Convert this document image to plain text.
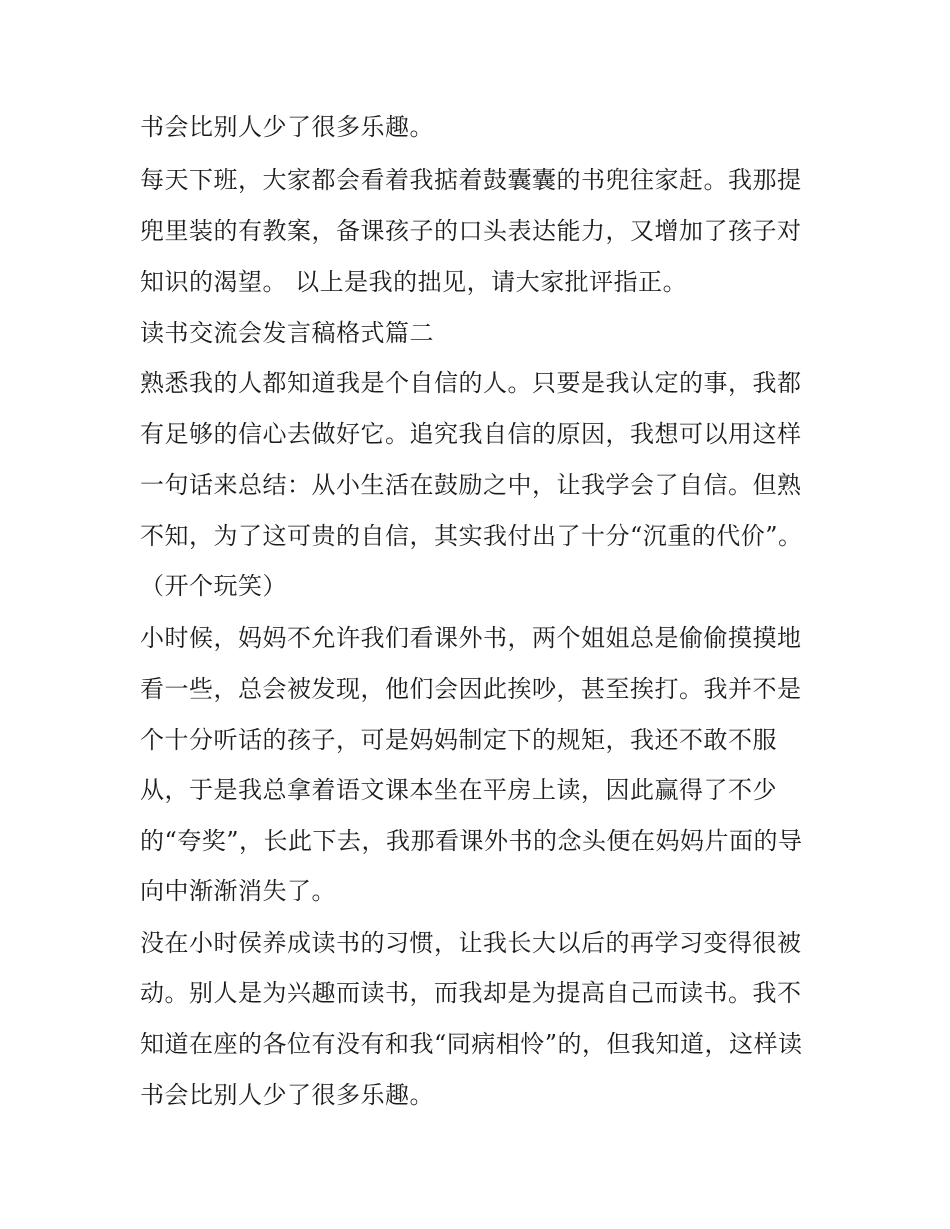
书会比别人少了很多乐趣。
每天下班，大家都会看着我掂着鼓囊囊的书兜往家赶。我那提
兜里装的有教案，备课孩子的口头表达能力，又增加了孩子对
知识的渴望。 以上是我的拙见，请大家批评指正。
读书交流会发言稿格式篇二
熟悉我的人都知道我是个自信的人。只要是我认定的事，我都
有足够的信心去做好它。追究我自信的原因，我想可以用这样
一句话来总结：从小生活在鼓励之中，让我学会了自信。但熟
不知，为了这可贵的自信，其实我付出了十分“沉重的代价”。
（开个玩笑）
小时候，妈妈不允许我们看课外书，两个姐姐总是偷偷摸摸地
看一些，总会被发现，他们会因此挨吵，甚至挨打。我并不是
个十分听话的孩子，可是妈妈制定下的规矩，我还不敢不服
从，于是我总拿着语文课本坐在平房上读，因此赢得了不少
的“夸奖”，长此下去，我那看课外书的念头便在妈妈片面的导
向中渐渐消失了。
没在小时侯养成读书的习惯，让我长大以后的再学习变得很被
动。别人是为兴趣而读书，而我却是为提高自己而读书。我不
知道在座的各位有没有和我“同病相怜”的，但我知道，这样读
书会比别人少了很多乐趣。
